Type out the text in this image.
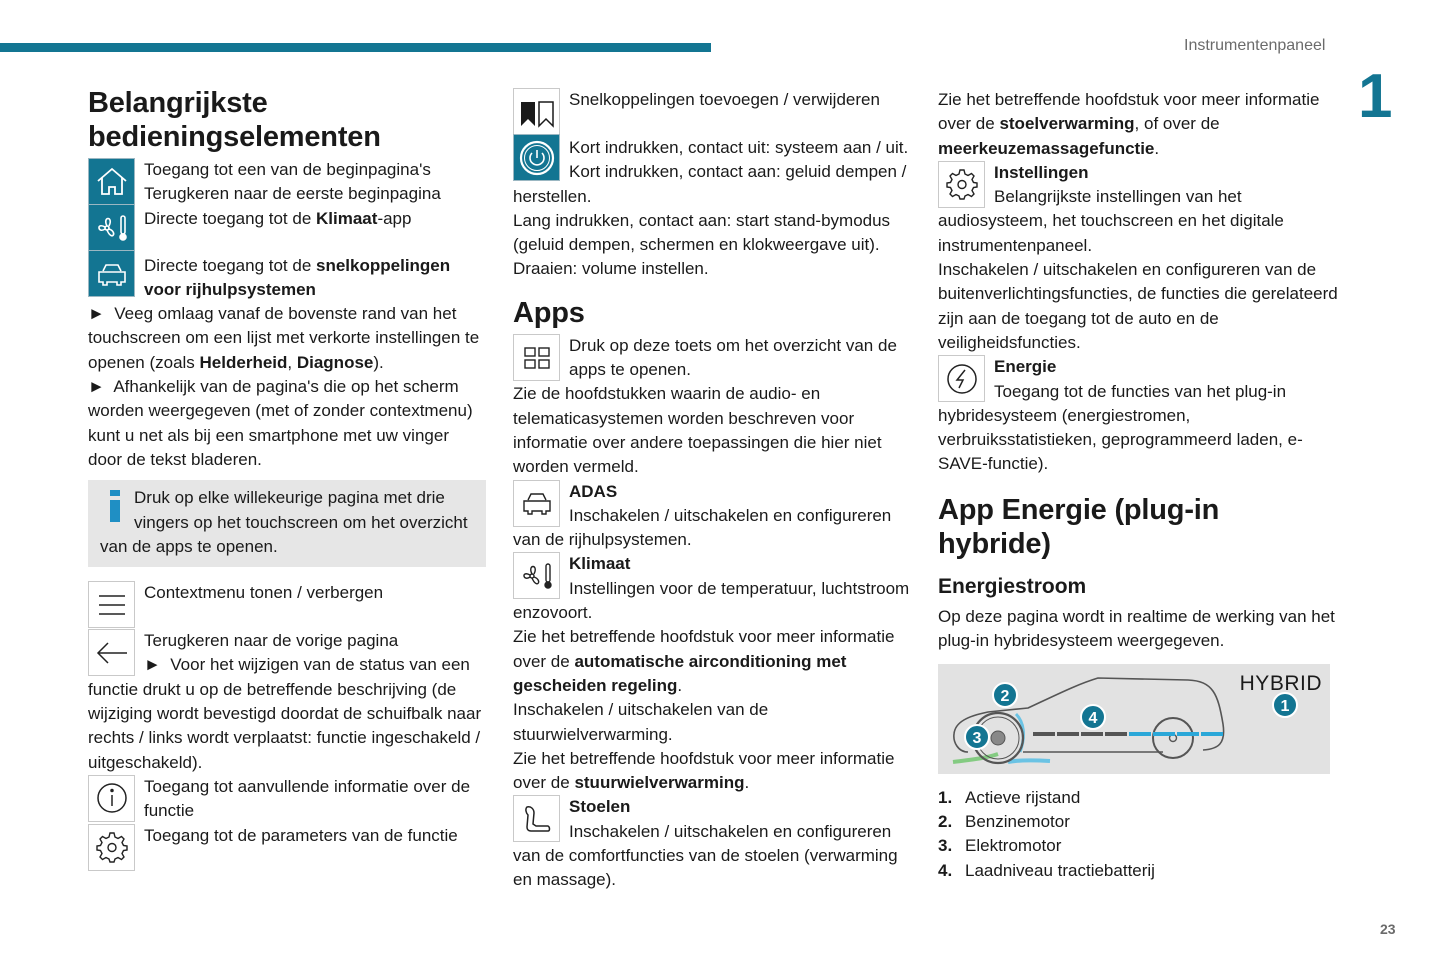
Instrumentenpaneel
1
23
Belangrijkste bedieningselementen

Toegang tot een van de beginpagina's

Terugkeren naar de eerste beginpagina

Directe toegang tot de Klimaat-app

Directe toegang tot de snelkoppelingen voor rijhulpsystemen

► Veeg omlaag vanaf de bovenste rand van het touchscreen om een lijst met verkorte instellingen te openen (zoals Helderheid, Diagnose).

► Afhankelijk van de pagina's die op het scherm worden weergegeven (met of zonder contextmenu) kunt u net als bij een smartphone met uw vinger door de tekst bladeren.

Druk op elke willekeurige pagina met drie vingers op het touchscreen om het overzicht van de apps te openen.

Contextmenu tonen / verbergen

Terugkeren naar de vorige pagina

► Voor het wijzigen van de status van een functie drukt u op de betreffende beschrijving (de wijziging wordt bevestigd doordat de schuifbalk naar rechts / links wordt verplaatst: functie ingeschakeld / uitgeschakeld).

Toegang tot aanvullende informatie over de functie

Toegang tot de parameters van de functie

Snelkoppelingen toevoegen / verwijderen

Kort indrukken, contact uit: systeem aan / uit. Kort indrukken, contact aan: geluid dempen / herstellen.

Lang indrukken, contact aan: start stand-bymodus (geluid dempen, schermen en klokweergave uit).

Draaien: volume instellen.

Apps

Druk op deze toets om het overzicht van de apps te openen.

Zie de hoofdstukken waarin de audio- en telematicasystemen worden beschreven voor informatie over andere toepassingen die hier niet worden vermeld.

ADAS

Inschakelen / uitschakelen en configureren van de rijhulpsystemen.

Klimaat

Instellingen voor de temperatuur, luchtstroom enzovoort.

Zie het betreffende hoofdstuk voor meer informatie over de automatische airconditioning met gescheiden regeling.

Inschakelen / uitschakelen van de stuurwielverwarming.

Zie het betreffende hoofdstuk voor meer informatie over de stuurwielverwarming.

Stoelen

Inschakelen / uitschakelen en configureren van de comfortfuncties van de stoelen (verwarming en massage).

Zie het betreffende hoofdstuk voor meer informatie over de stoelverwarming, of over de meerkeuzemassagefunctie.

Instellingen

Belangrijkste instellingen van het audiosysteem, het touchscreen en het digitale instrumentenpaneel.

Inschakelen / uitschakelen en configureren van de buitenverlichtingsfuncties, de functies die gerelateerd zijn aan de toegang tot de auto en de veiligheidsfuncties.

Energie

Toegang tot de functies van het plug-in hybridesysteem (energiestromen, verbruiksstatistieken, geprogrammeerd laden, e-SAVE-functie).

App Energie (plug-in hybride)
Energiestroom

Op deze pagina wordt in realtime de werking van het plug-in hybridesysteem weergegeven.

2
3
4
1
HYBRID
1. Actieve rijstand
2. Benzinemotor
3. Elektromotor
4. Laadniveau tractiebatterij
